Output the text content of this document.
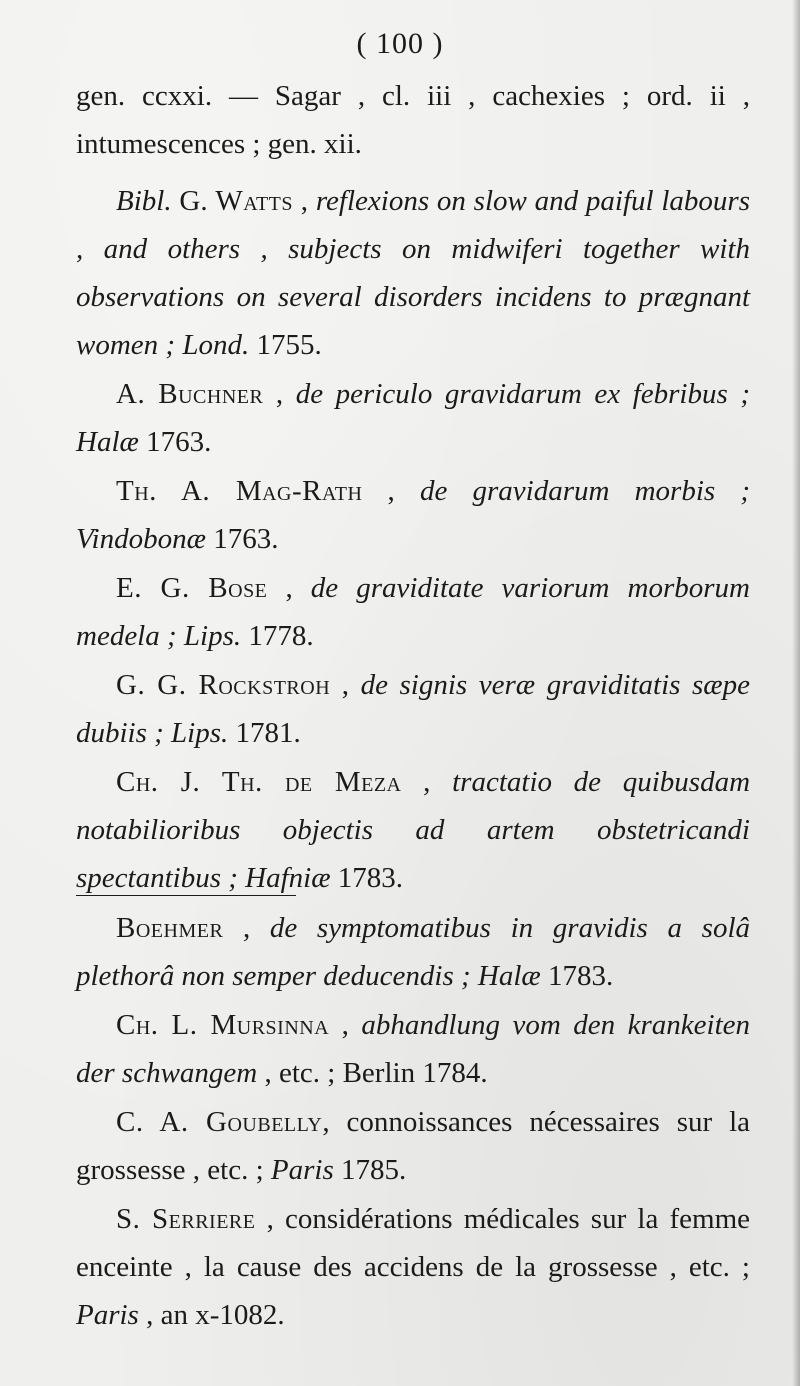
( 100 )

gen. ccxxi. — Sagar , cl. iii , cachexies ; ord. ii , intumescences ; gen. xii.

Bibl. G. Watts , reflexions on slow and paiful labours , and others , subjects on midwiferi together with observations on several disorders incidens to prægnant women ; Lond. 1755.

A. Buchner , de periculo gravidarum ex febribus ; Halæ 1763.

Th. A. Mag-Rath , de gravidarum morbis ; Vindobonæ 1763.

E. G. Bose , de graviditate variorum morborum medela ; Lips. 1778.

G. G. Rockstroh , de signis veræ graviditatis sæpe dubiis ; Lips. 1781.

Ch. J. Th. de Meza , tractatio de quibusdam notabilioribus objectis ad artem obstetricandi spectantibus ; Hafniæ 1783.

Boehmer , de symptomatibus in gravidis a solâ plethorâ non semper deducendis ; Halæ 1783.

Ch. L. Mursinna , abhandlung vom den krankeiten der schwangem , etc. ; Berlin 1784.

C. A. Goubelly, connoissances nécessaires sur la grossesse , etc. ; Paris 1785.

S. Serriere , considérations médicales sur la femme enceinte , la cause des accidens de la grossesse , etc. ; Paris , an x-1082.
